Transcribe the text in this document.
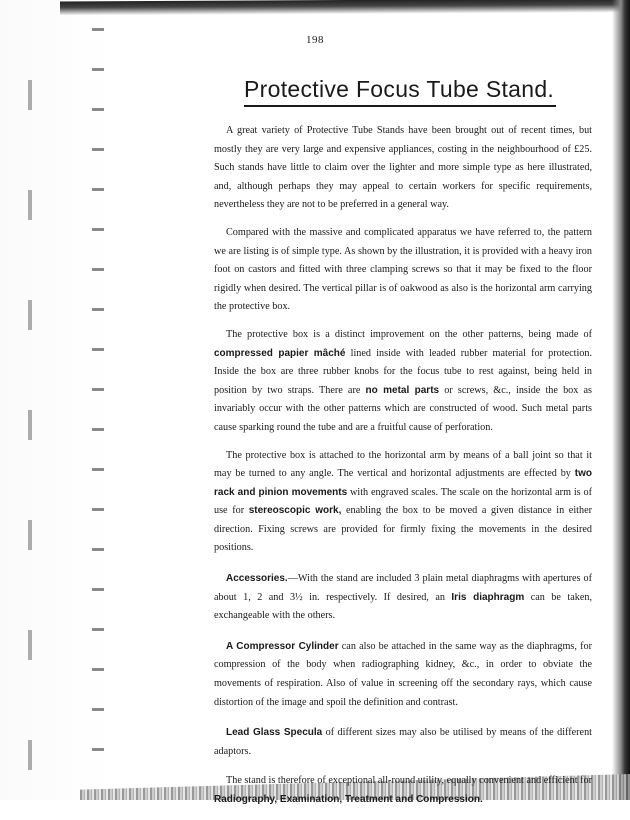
198
Protective Focus Tube Stand.

A great variety of Protective Tube Stands have been brought out of recent times, but mostly they are very large and expensive appliances, costing in the neighbourhood of £25. Such stands have little to claim over the lighter and more simple type as here illustrated, and, although perhaps they may appeal to certain workers for specific requirements, nevertheless they are not to be preferred in a general way.

Compared with the massive and complicated apparatus we have referred to, the pattern we are listing is of simple type. As shown by the illustration, it is provided with a heavy iron foot on castors and fitted with three clamping screws so that it may be fixed to the floor rigidly when desired. The vertical pillar is of oakwood as also is the horizontal arm carrying the protective box.

The protective box is a distinct improvement on the other patterns, being made of compressed papier mâché lined inside with leaded rubber material for protection. Inside the box are three rubber knobs for the focus tube to rest against, being held in position by two straps. There are no metal parts or screws, &c., inside the box as invariably occur with the other patterns which are constructed of wood. Such metal parts cause sparking round the tube and are a fruitful cause of perforation.

The protective box is attached to the horizontal arm by means of a ball joint so that it may be turned to any angle. The vertical and horizontal adjustments are effected by two rack and pinion movements with engraved scales. The scale on the horizontal arm is of use for stereoscopic work, enabling the box to be moved a given distance in either direction. Fixing screws are provided for firmly fixing the movements in the desired positions.

Accessories.—With the stand are included 3 plain metal diaphragms with apertures of about 1, 2 and 3½ in. respectively. If desired, an Iris diaphragm can be taken, exchangeable with the others.

A Compressor Cylinder can also be attached in the same way as the diaphragms, for compression of the body when radiographing kidney, &c., in order to obviate the movements of respiration. Also of value in screening off the secondary rays, which cause distortion of the image and spoil the definition and contrast.

Lead Glass Specula of different sizes may also be utilised by means of the different adaptors.

The stand is therefore of exceptional all-round utility, equally convenient and efficient for Radiography, Examination, Treatment and Compression.
